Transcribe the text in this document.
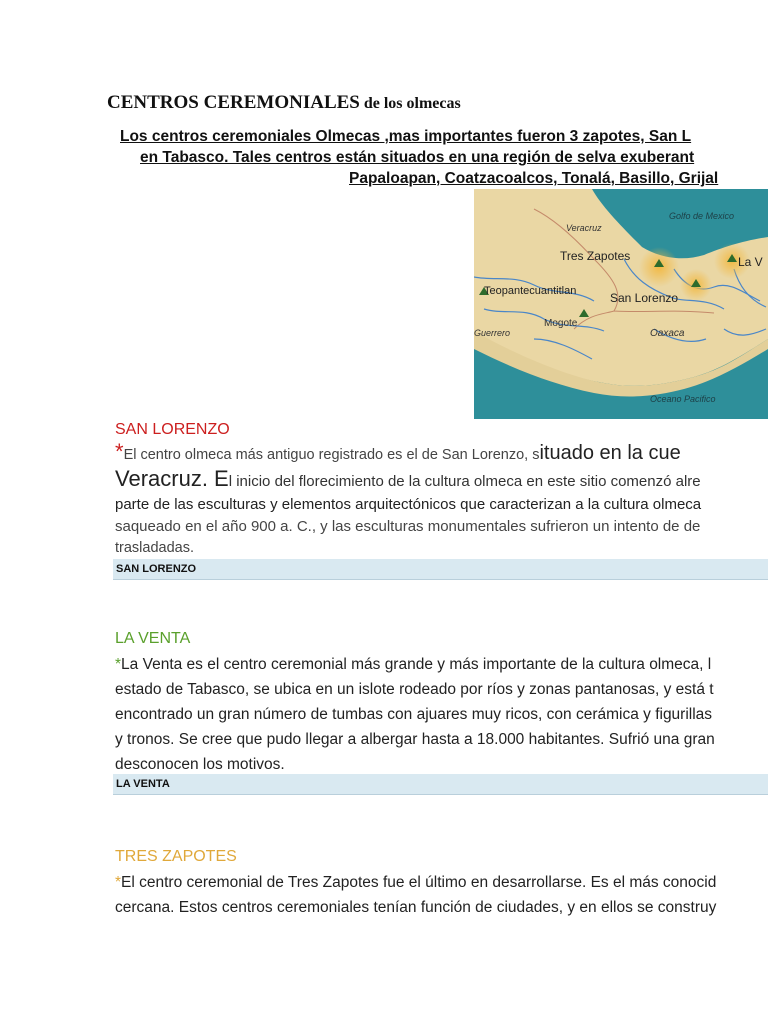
CENTROS CEREMONIALES de los olmecas
Los centros ceremoniales Olmecas ,mas importantes fueron 3 zapotes, San L
en Tabasco. Tales centros están situados en una región de selva exuberant
Papaloapan, Coatzacoalcos, Tonalá, Basillo, Grijal
Golfo de Mexico
Veracruz
Tres Zapotes	La V
Teopantecuantitlan	San Lorenzo
Guerrero
Mogote
Oaxaca
Oceano Pacifico
SAN LORENZO
*El centro olmeca más antiguo registrado es el de San Lorenzo, situado en la cue
Veracruz. El inicio del florecimiento de la cultura olmeca en este sitio comenzó alre
parte de las esculturas y elementos arquitectónicos que caracterizan a la cultura olmeca
saqueado en el año 900 a. C., y las esculturas monumentales sufrieron un intento de de
trasladadas.
SAN LORENZO
LA VENTA
*La Venta es el centro ceremonial más grande y más importante de la cultura olmeca, l
estado de Tabasco, se ubica en un islote rodeado por ríos y zonas pantanosas, y está t
encontrado un gran número de tumbas con ajuares muy ricos, con cerámica y figurillas
y tronos. Se cree que pudo llegar a albergar hasta a 18.000 habitantes. Sufrió una gran
desconocen los motivos.
LA VENTA
TRES ZAPOTES
*El centro ceremonial de Tres Zapotes fue el último en desarrollarse. Es el más conocid
cercana. Estos centros ceremoniales tenían función de ciudades, y en ellos se construy
